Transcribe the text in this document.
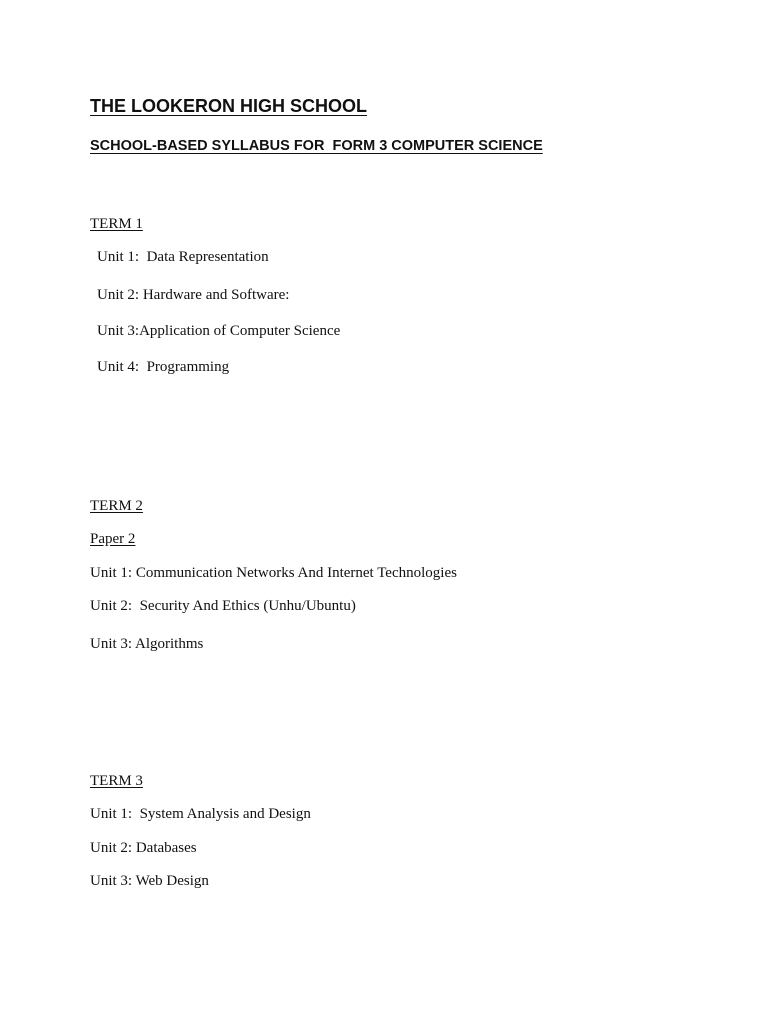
THE LOOKERON HIGH SCHOOL
SCHOOL-BASED SYLLABUS FOR  FORM 3 COMPUTER SCIENCE
TERM 1
Unit 1:  Data Representation
Unit 2: Hardware and Software:
Unit 3:Application of Computer Science
Unit 4:  Programming
TERM 2
Paper 2
Unit 1: Communication Networks And Internet Technologies
Unit 2:  Security And Ethics (Unhu/Ubuntu)
Unit 3: Algorithms
TERM 3
Unit 1:  System Analysis and Design
Unit 2: Databases
Unit 3: Web Design
